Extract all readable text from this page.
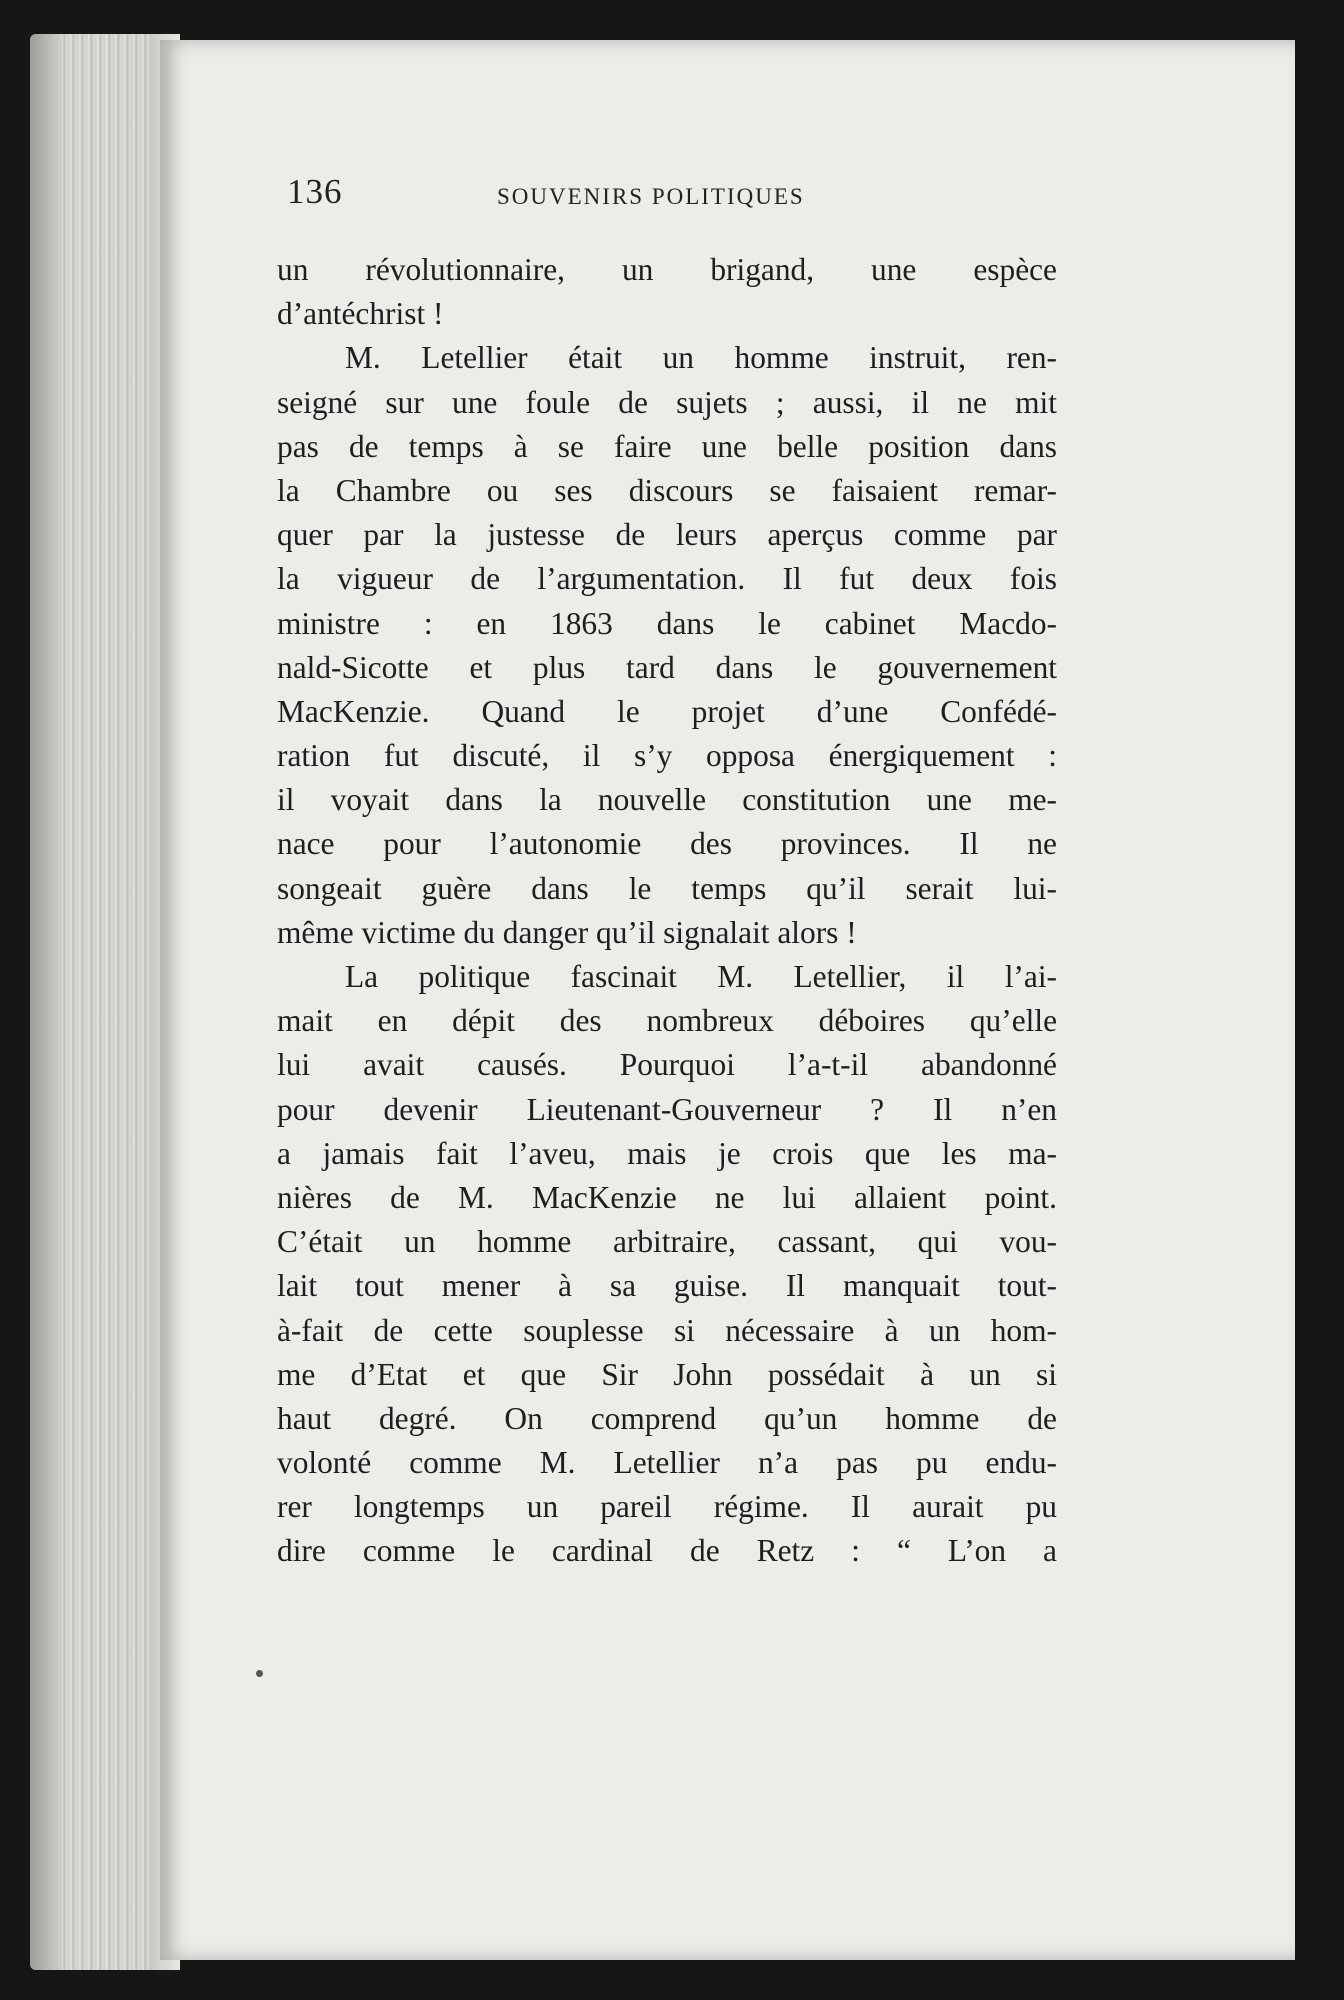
136	SOUVENIRS POLITIQUES
un révolutionnaire, un brigand, une espèce
d’antéchrist !
M. Letellier était un homme instruit, ren-
seigné sur une foule de sujets ; aussi, il ne mit
pas de temps à se faire une belle position dans
la Chambre ou ses discours se faisaient remar-
quer par la justesse de leurs aperçus comme par
la vigueur de l’argumentation. Il fut deux fois
ministre : en 1863 dans le cabinet Macdo-
nald-Sicotte et plus tard dans le gouvernement
MacKenzie. Quand le projet d’une Confédé-
ration fut discuté, il s’y opposa énergiquement :
il voyait dans la nouvelle constitution une me-
nace pour l’autonomie des provinces. Il ne
songeait guère dans le temps qu’il serait lui-
même victime du danger qu’il signalait alors !
La politique fascinait M. Letellier, il l’ai-
mait en dépit des nombreux déboires qu’elle
lui avait causés. Pourquoi l’a-t-il abandonné
pour devenir Lieutenant-Gouverneur ? Il n’en
a jamais fait l’aveu, mais je crois que les ma-
nières de M. MacKenzie ne lui allaient point.
C’était un homme arbitraire, cassant, qui vou-
lait tout mener à sa guise. Il manquait tout-
à-fait de cette souplesse si nécessaire à un hom-
me d’Etat et que Sir John possédait à un si
haut degré. On comprend qu’un homme de
volonté comme M. Letellier n’a pas pu endu-
rer longtemps un pareil régime. Il aurait pu
dire comme le cardinal de Retz : “ L’on a
